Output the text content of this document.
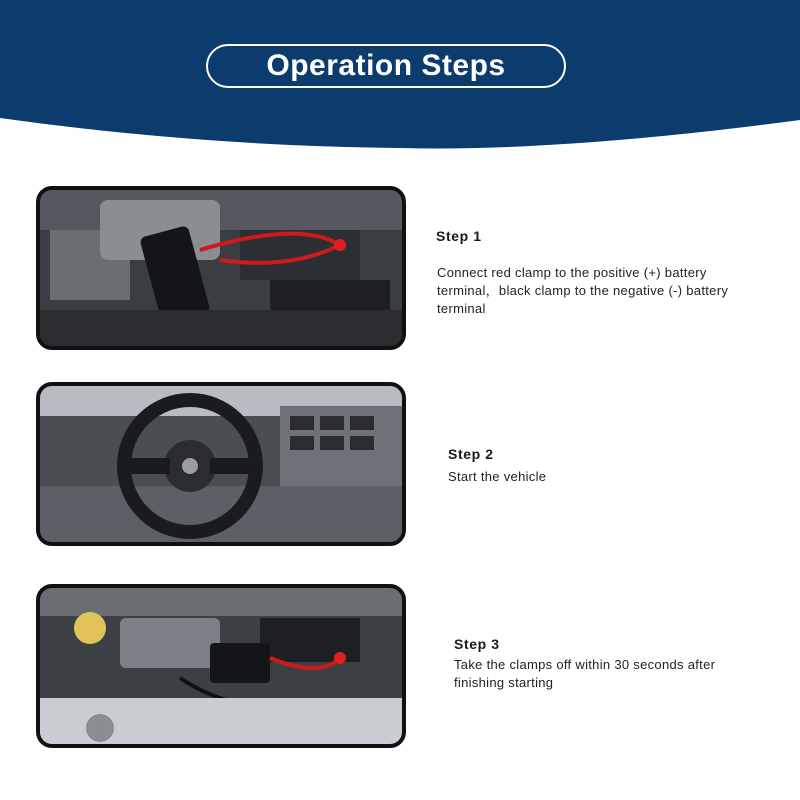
Operation Steps
Step 1
Connect red clamp to the positive (+) battery terminal，black clamp to the negative (-) battery terminal
Step 2
Start the vehicle
Step 3
Take the clamps off within 30 seconds after finishing starting
